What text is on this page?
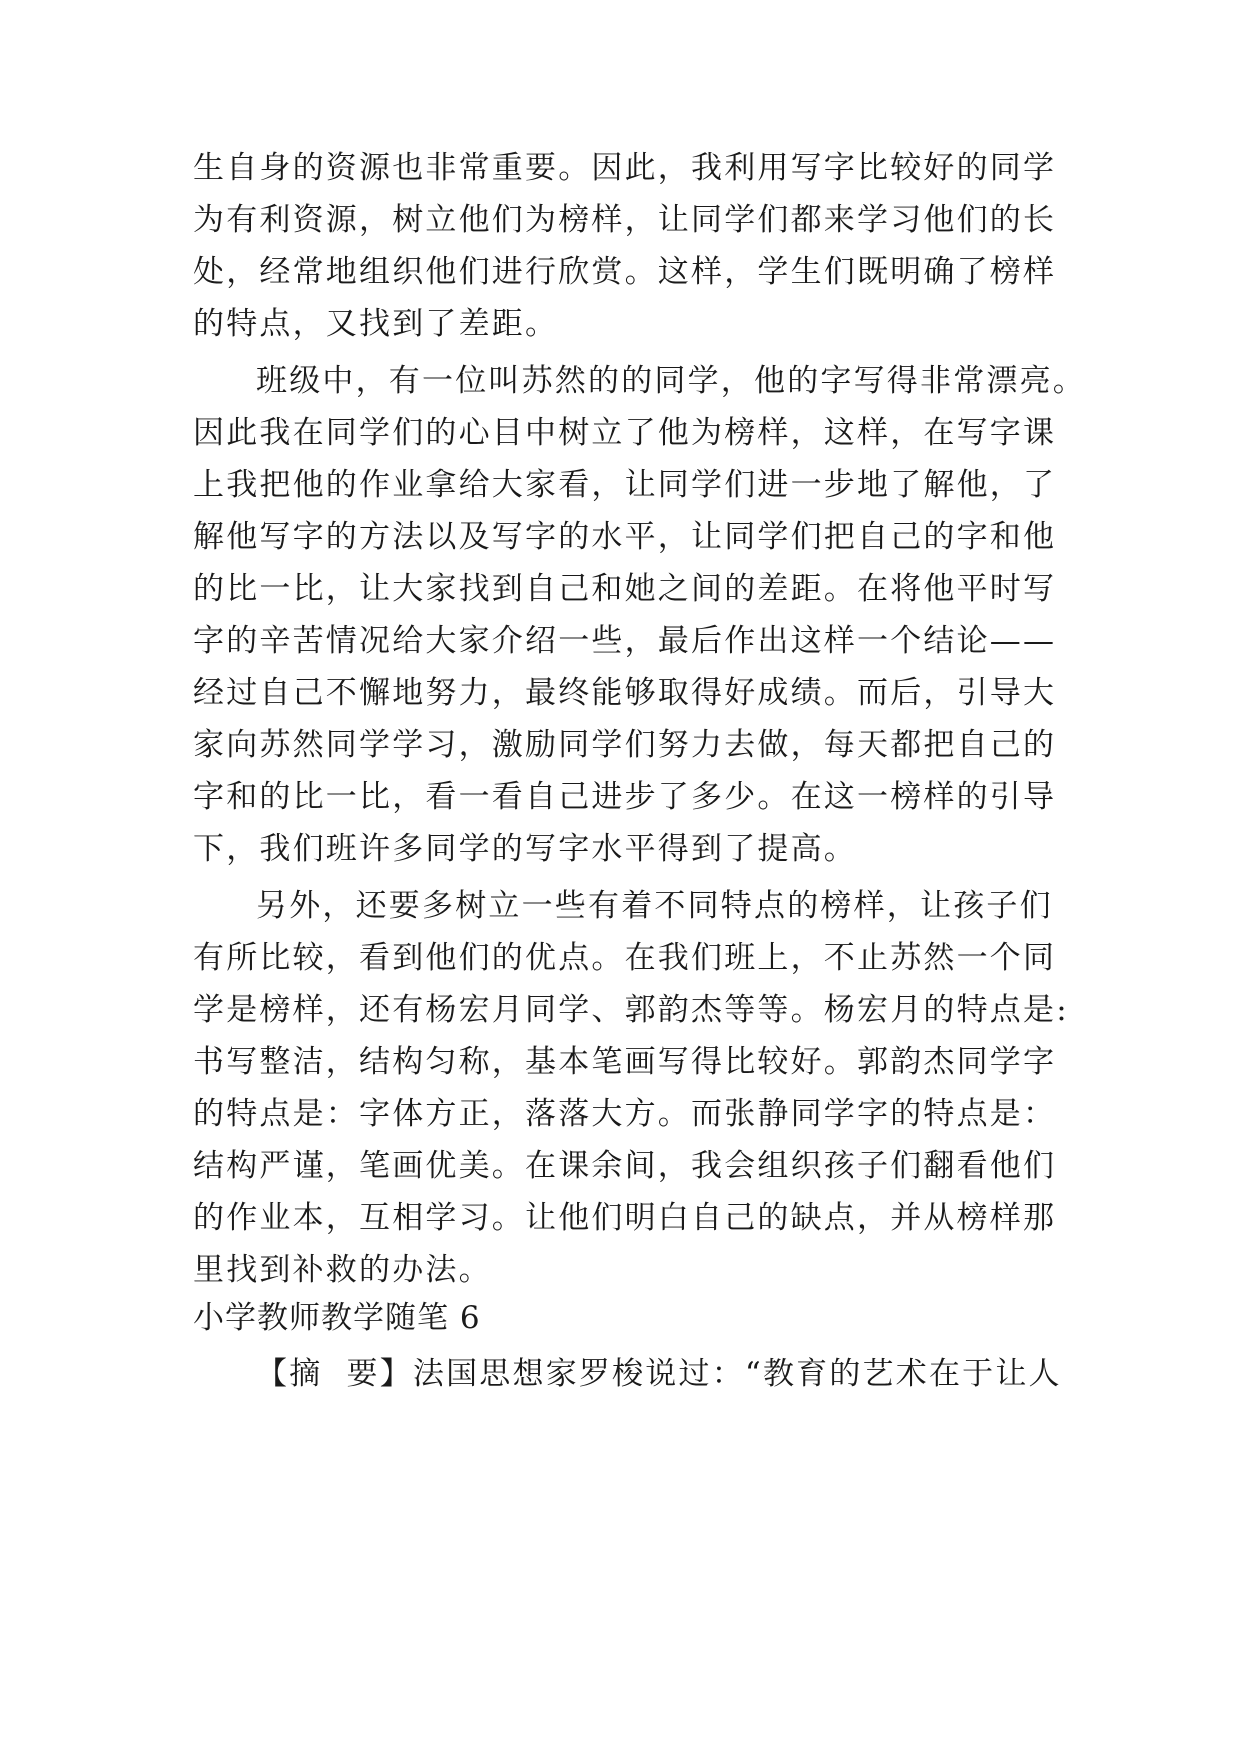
生自身的资源也非常重要。因此，我利用写字比较好的同学
为有利资源，树立他们为榜样，让同学们都来学习他们的长
处，经常地组织他们进行欣赏。这样，学生们既明确了榜样
的特点，又找到了差距。
班级中，有一位叫苏然的的同学，他的字写得非常漂亮。
因此我在同学们的心目中树立了他为榜样，这样，在写字课
上我把他的作业拿给大家看，让同学们进一步地了解他，了
解他写字的方法以及写字的水平，让同学们把自己的字和他
的比一比，让大家找到自己和她之间的差距。在将他平时写
字的辛苦情况给大家介绍一些，最后作出这样一个结论——
经过自己不懈地努力，最终能够取得好成绩。而后，引导大
家向苏然同学学习，激励同学们努力去做，每天都把自己的
字和的比一比，看一看自己进步了多少。在这一榜样的引导
下，我们班许多同学的写字水平得到了提高。
另外，还要多树立一些有着不同特点的榜样，让孩子们
有所比较，看到他们的优点。在我们班上，不止苏然一个同
学是榜样，还有杨宏月同学、郭韵杰等等。杨宏月的特点是:
书写整洁，结构匀称，基本笔画写得比较好。郭韵杰同学字
的特点是：字体方正，落落大方。而张静同学字的特点是：
结构严谨，笔画优美。在课余间，我会组织孩子们翻看他们
的作业本，互相学习。让他们明白自己的缺点，并从榜样那
里找到补救的办法。
小学教师教学随笔 6
【摘  要】法国思想家罗梭说过：“教育的艺术在于让人
